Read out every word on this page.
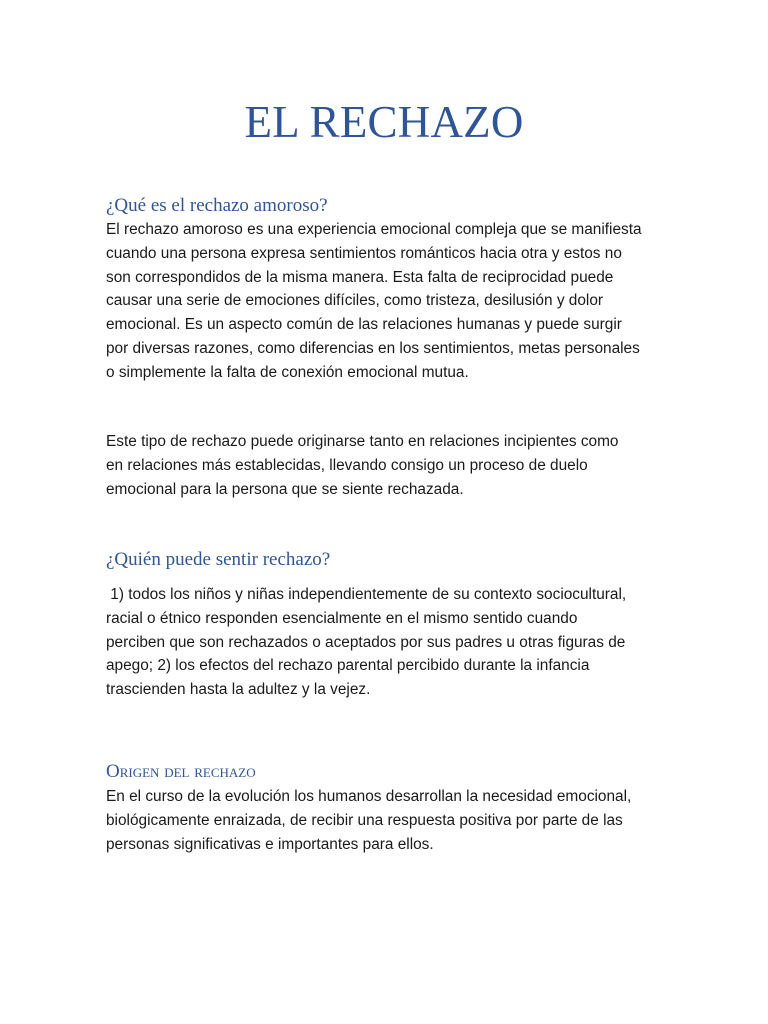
EL RECHAZO
¿Qué es el rechazo amoroso?
El rechazo amoroso es una experiencia emocional compleja que se manifiesta
cuando una persona expresa sentimientos románticos hacia otra y estos no
son correspondidos de la misma manera. Esta falta de reciprocidad puede
causar una serie de emociones difíciles, como tristeza, desilusión y dolor
emocional. Es un aspecto común de las relaciones humanas y puede surgir
por diversas razones, como diferencias en los sentimientos, metas personales
o simplemente la falta de conexión emocional mutua.
Este tipo de rechazo puede originarse tanto en relaciones incipientes como
en relaciones más establecidas, llevando consigo un proceso de duelo
emocional para la persona que se siente rechazada.
¿Quién puede sentir rechazo?
1) todos los niños y niñas independientemente de su contexto sociocultural,
racial o étnico responden esencialmente en el mismo sentido cuando
perciben que son rechazados o aceptados por sus padres u otras figuras de
apego; 2) los efectos del rechazo parental percibido durante la infancia
trascienden hasta la adultez y la vejez.
Origen del rechazo
En el curso de la evolución los humanos desarrollan la necesidad emocional,
biológicamente enraizada, de recibir una respuesta positiva por parte de las
personas significativas e importantes para ellos.
